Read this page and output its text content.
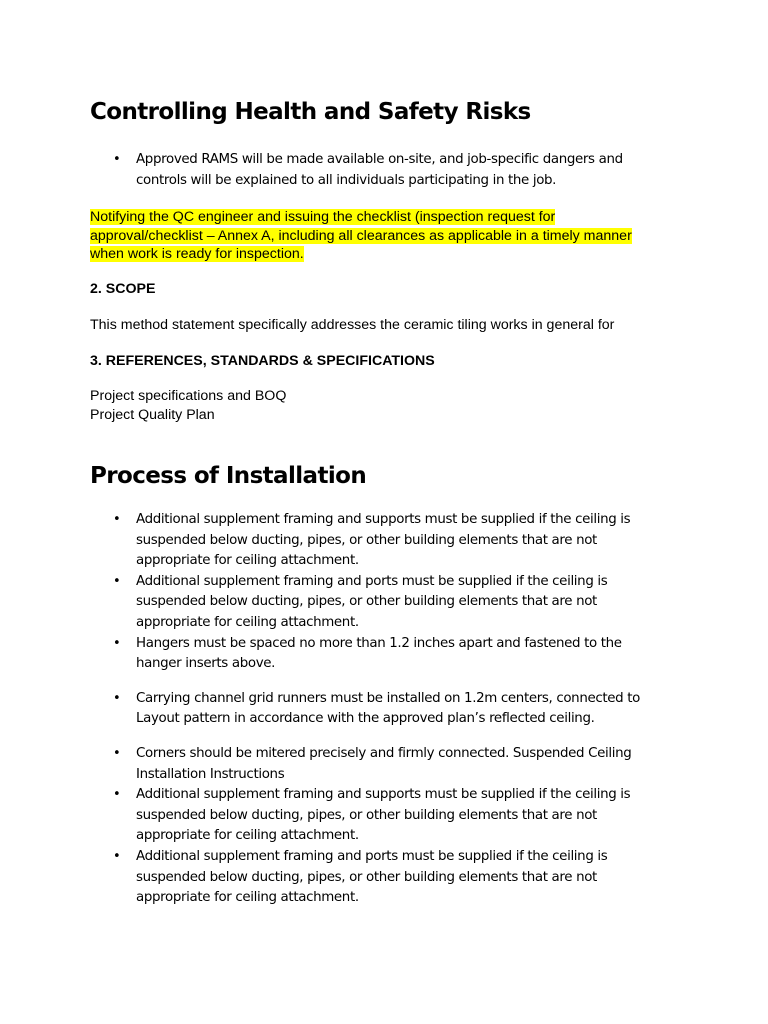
Controlling Health and Safety Risks
• Approved RAMS will be made available on-site, and job-specific dangers and controls will be explained to all individuals participating in the job.
Notifying the QC engineer and issuing the checklist (inspection request for
approval/checklist – Annex A, including all clearances as applicable in a timely manner
when work is ready for inspection.
2. SCOPE
This method statement specifically addresses the ceramic tiling works in general for
3. REFERENCES, STANDARDS & SPECIFICATIONS
Project specifications and BOQ
Project Quality Plan
Process of Installation
• Additional supplement framing and supports must be supplied if the ceiling is suspended below ducting, pipes, or other building elements that are not appropriate for ceiling attachment.
• Additional supplement framing and ports must be supplied if the ceiling is suspended below ducting, pipes, or other building elements that are not appropriate for ceiling attachment.
• Hangers must be spaced no more than 1.2 inches apart and fastened to the hanger inserts above.
• Carrying channel grid runners must be installed on 1.2m centers, connected to Layout pattern in accordance with the approved plan’s reflected ceiling.
• Corners should be mitered precisely and firmly connected. Suspended Ceiling Installation Instructions
• Additional supplement framing and supports must be supplied if the ceiling is suspended below ducting, pipes, or other building elements that are not appropriate for ceiling attachment.
• Additional supplement framing and ports must be supplied if the ceiling is suspended below ducting, pipes, or other building elements that are not appropriate for ceiling attachment.
